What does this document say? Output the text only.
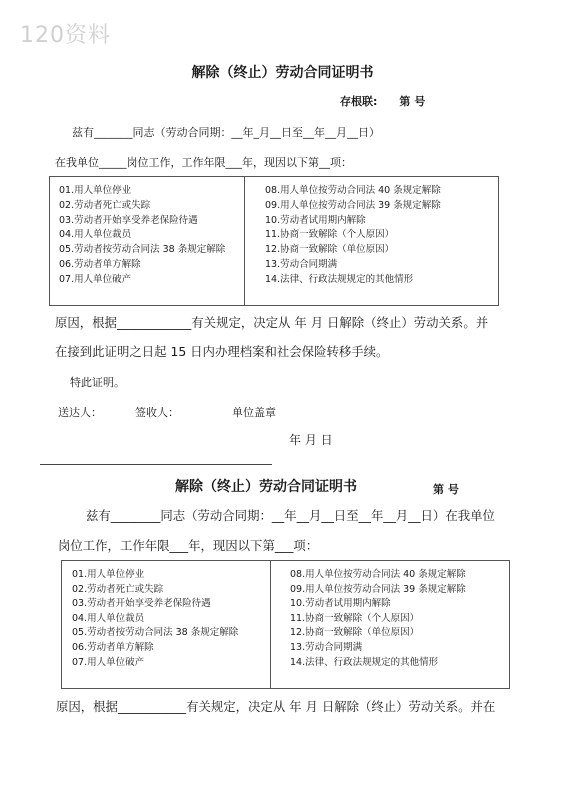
120资料
解除（终止）劳动合同证明书
存根联: 第 号
兹有_______同志（劳动合同期：__年_月__日至__年__月__日）
在我单位_____岗位工作，工作年限___年，现因以下第__项：
01.用人单位停业
02.劳动者死亡或失踪
03.劳动者开始享受养老保险待遇
04.用人单位裁员
05.劳动者按劳动合同法 38 条规定解除
06.劳动者单方解除
07.用人单位破产
08.用人单位按劳动合同法 40 条规定解除
09.用人单位按劳动合同法 39 条规定解除
10.劳动者试用期内解除
11.协商一致解除（个人原因）
12.协商一致解除（单位原因）
13.劳动合同期满
14.法律、行政法规规定的其他情形
原因，根据____________有关规定，决定从 年 月 日解除（终止）劳动关系。并
在接到此证明之日起 15 日内办理档案和社会保险转移手续。
特此证明。
送达人：	签收人：	单位盖章
年 月 日
解除（终止）劳动合同证明书	第 号
兹有________同志（劳动合同期：__年__月__日至__年__月__日）在我单位
岗位工作，工作年限___年，现因以下第___项：
01.用人单位停业
02.劳动者死亡或失踪
03.劳动者开始享受养老保险待遇
04.用人单位裁员
05.劳动者按劳动合同法 38 条规定解除
06.劳动者单方解除
07.用人单位破产
08.用人单位按劳动合同法 40 条规定解除
09.用人单位按劳动合同法 39 条规定解除
10.劳动者试用期内解除
11.协商一致解除（个人原因）
12.协商一致解除（单位原因）
13.劳动合同期满
14.法律、行政法规规定的其他情形
原因，根据___________有关规定，决定从 年 月 日解除（终止）劳动关系。并在
